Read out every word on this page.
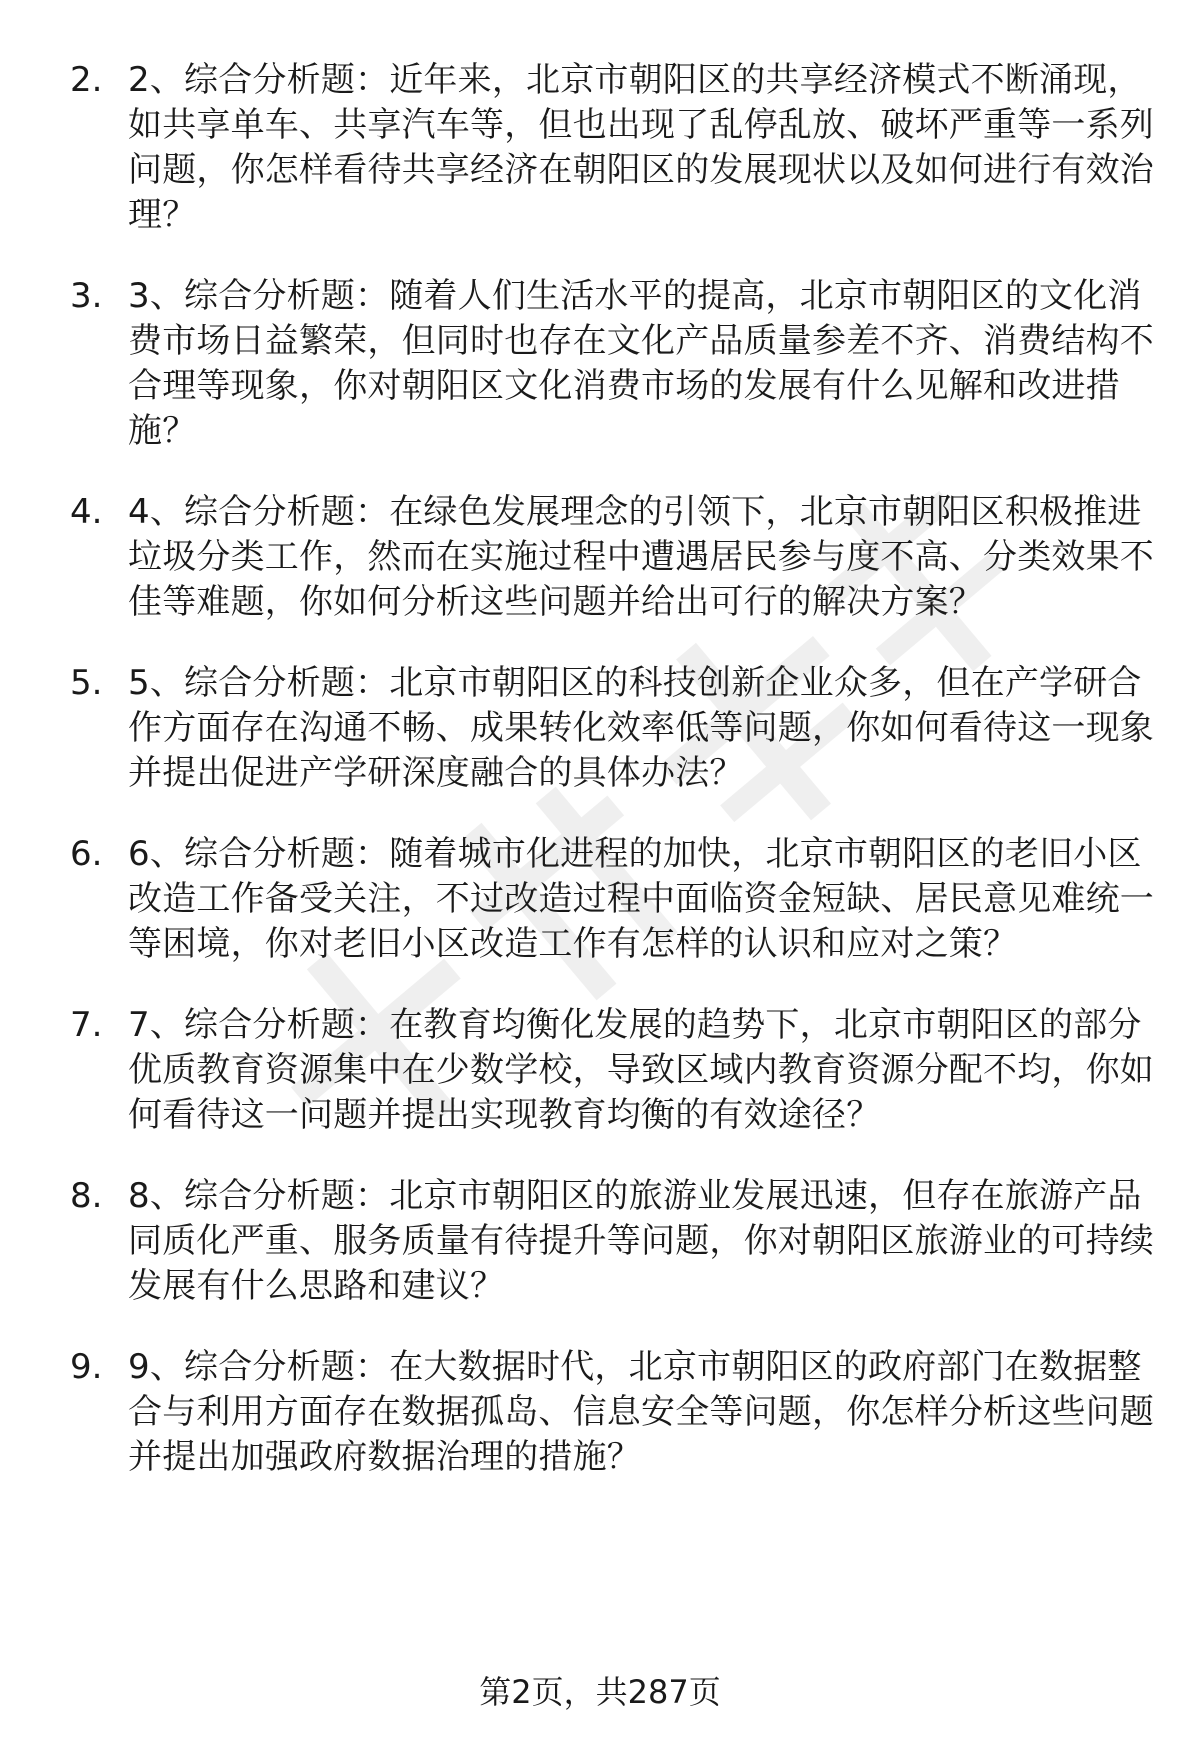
2. 2、综合分析题：近年来，北京市朝阳区的共享经济模式不断涌现，如共享单车、共享汽车等，但也出现了乱停乱放、破坏严重等一系列问题，你怎样看待共享经济在朝阳区的发展现状以及如何进行有效治理？
3. 3、综合分析题：随着人们生活水平的提高，北京市朝阳区的文化消费市场日益繁荣，但同时也存在文化产品质量参差不齐、消费结构不合理等现象，你对朝阳区文化消费市场的发展有什么见解和改进措施？
4. 4、综合分析题：在绿色发展理念的引领下，北京市朝阳区积极推进垃圾分类工作，然而在实施过程中遭遇居民参与度不高、分类效果不佳等难题，你如何分析这些问题并给出可行的解决方案？
5. 5、综合分析题：北京市朝阳区的科技创新企业众多，但在产学研合作方面存在沟通不畅、成果转化效率低等问题，你如何看待这一现象并提出促进产学研深度融合的具体办法？
6. 6、综合分析题：随着城市化进程的加快，北京市朝阳区的老旧小区改造工作备受关注，不过改造过程中面临资金短缺、居民意见难统一等困境，你对老旧小区改造工作有怎样的认识和应对之策？
7. 7、综合分析题：在教育均衡化发展的趋势下，北京市朝阳区的部分优质教育资源集中在少数学校，导致区域内教育资源分配不均，你如何看待这一问题并提出实现教育均衡的有效途径？
8. 8、综合分析题：北京市朝阳区的旅游业发展迅速，但存在旅游产品同质化严重、服务质量有待提升等问题，你对朝阳区旅游业的可持续发展有什么思路和建议？
9. 9、综合分析题：在大数据时代，北京市朝阳区的政府部门在数据整合与利用方面存在数据孤岛、信息安全等问题，你怎样分析这些问题并提出加强政府数据治理的措施？
第2页，共287页
